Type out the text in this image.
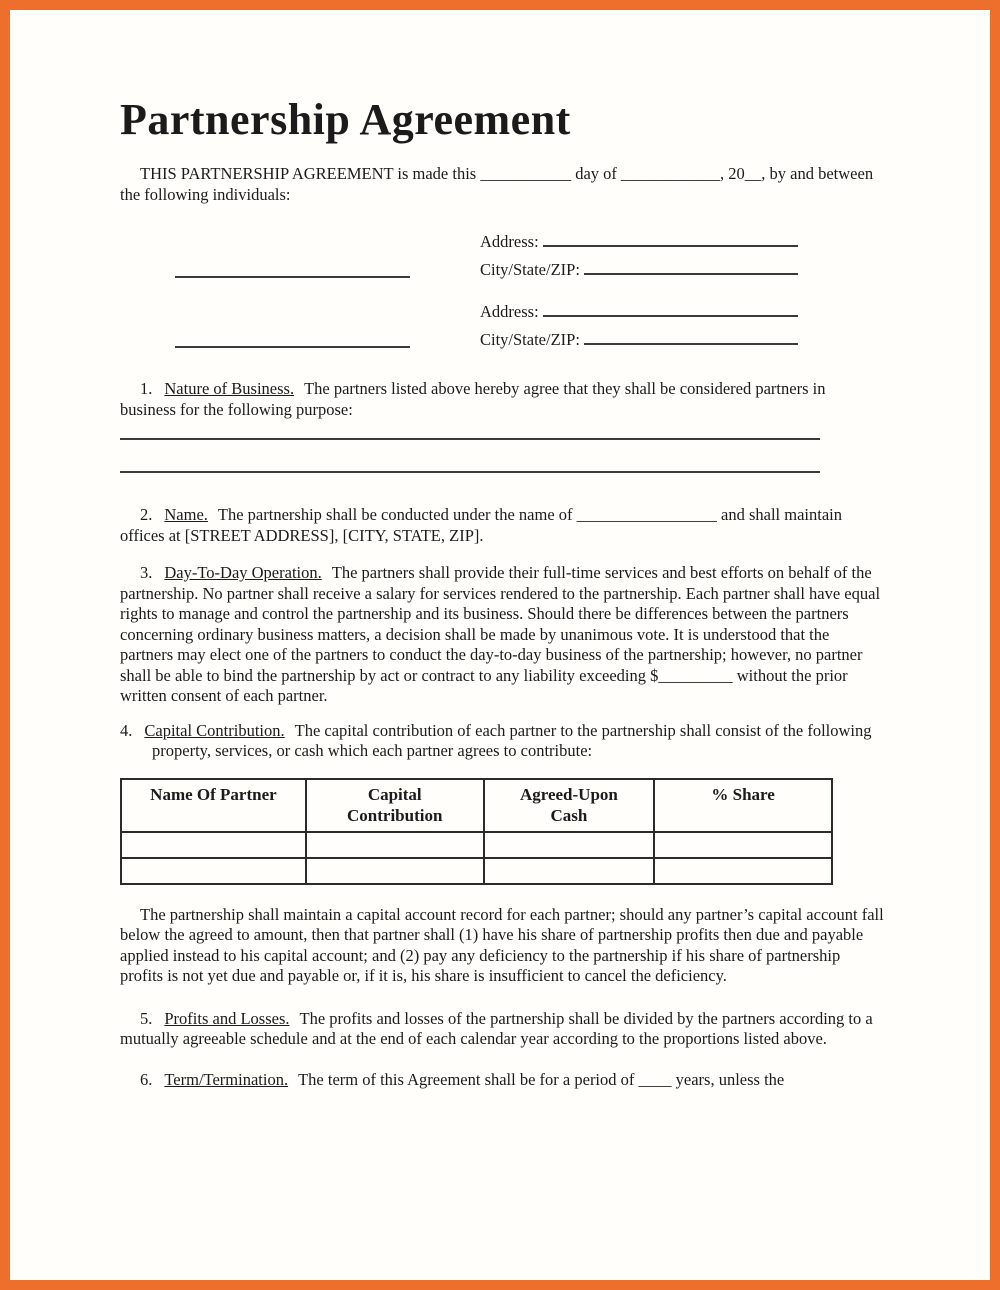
Partnership Agreement

THIS PARTNERSHIP AGREEMENT is made this ___________ day of ____________, 20__, by and between the following individuals:

Address:
City/State/ZIP:
Address:
City/State/ZIP:

1. Nature of Business. The partners listed above hereby agree that they shall be considered partners in business for the following purpose:

2. Name. The partnership shall be conducted under the name of _________________ and shall maintain offices at [STREET ADDRESS], [CITY, STATE, ZIP].

3. Day-To-Day Operation. The partners shall provide their full-time services and best efforts on behalf of the partnership. No partner shall receive a salary for services rendered to the partnership. Each partner shall have equal rights to manage and control the partnership and its business. Should there be differences between the partners concerning ordinary business matters, a decision shall be made by unanimous vote. It is understood that the partners may elect one of the partners to conduct the day-to-day business of the partnership; however, no partner shall be able to bind the partnership by act or contract to any liability exceeding $_________ without the prior written consent of each partner.

4. Capital Contribution. The capital contribution of each partner to the partnership shall consist of the following property, services, or cash which each partner agrees to contribute:

Name Of Partner	Capital Contribution	Agreed-Upon Cash	% Share

The partnership shall maintain a capital account record for each partner; should any partner’s capital account fall below the agreed to amount, then that partner shall (1) have his share of partnership profits then due and payable applied instead to his capital account; and (2) pay any deficiency to the partnership if his share of partnership profits is not yet due and payable or, if it is, his share is insufficient to cancel the deficiency.

5. Profits and Losses. The profits and losses of the partnership shall be divided by the partners according to a mutually agreeable schedule and at the end of each calendar year according to the proportions listed above.

6. Term/Termination. The term of this Agreement shall be for a period of ____ years, unless the
